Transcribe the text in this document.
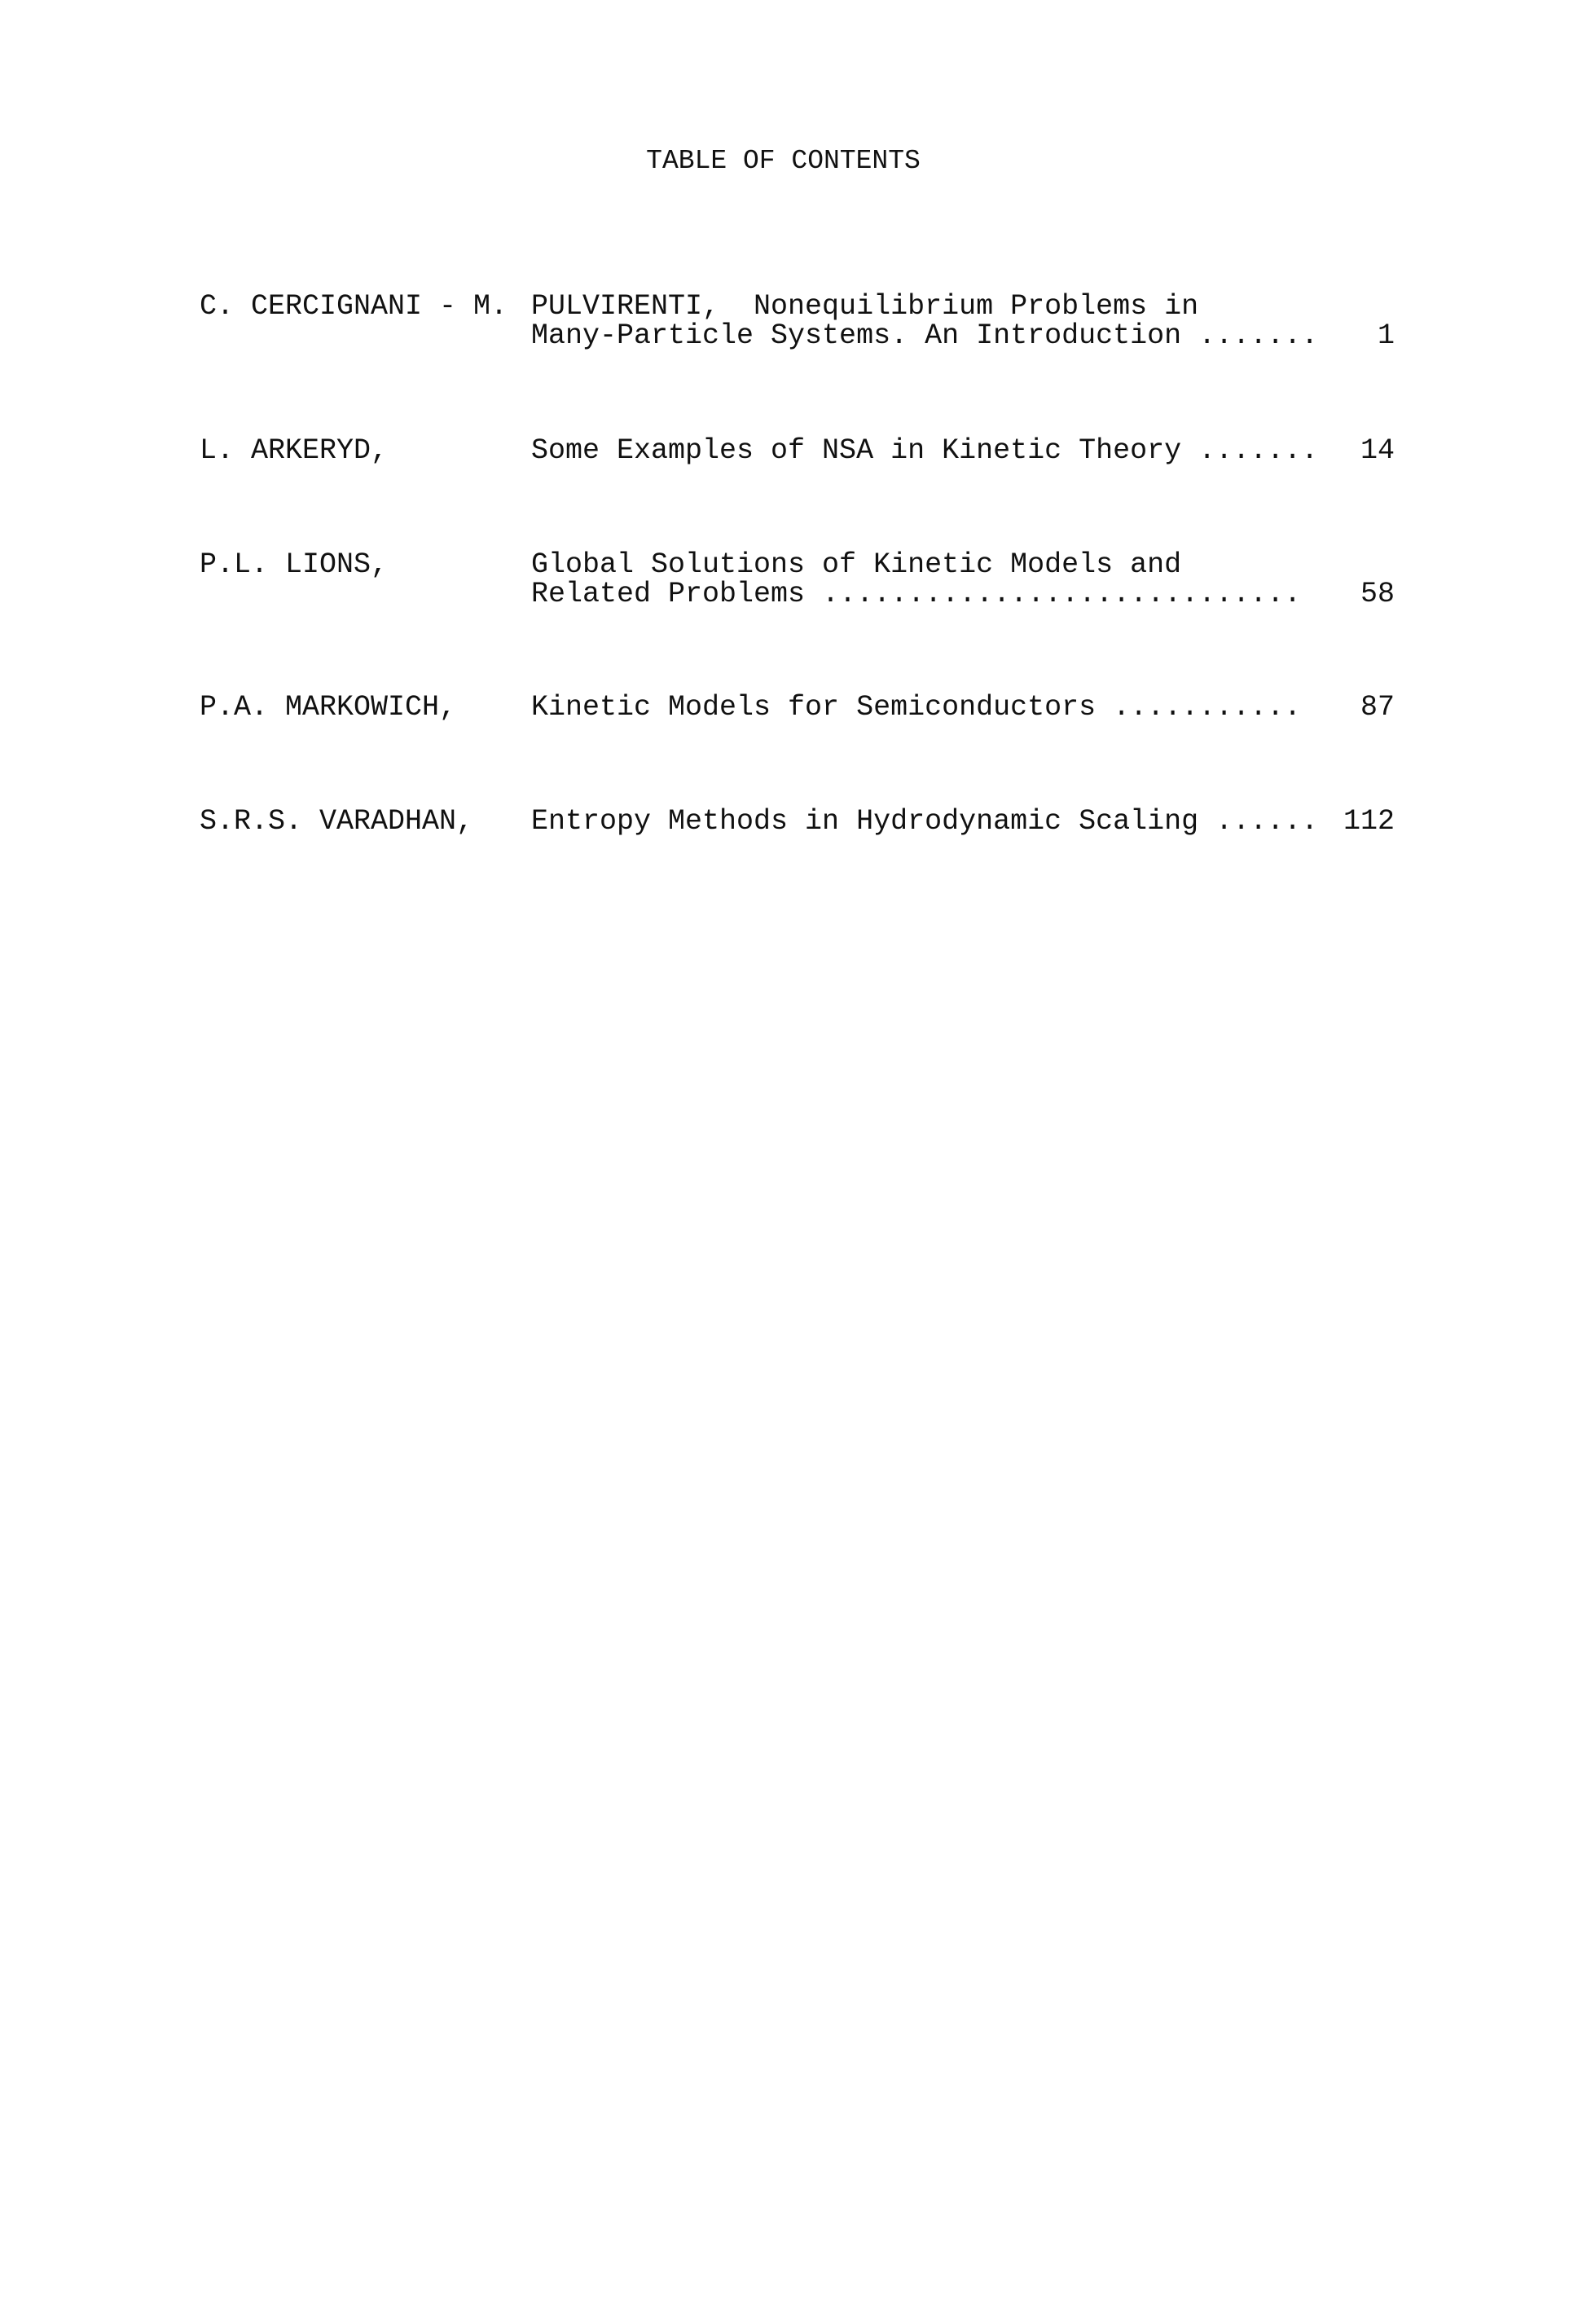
TABLE OF CONTENTS
C. CERCIGNANI - M. PULVIRENTI,  Nonequilibrium Problems in
Many-Particle Systems. An Introduction .......	1
L. ARKERYD,	Some Examples of NSA in Kinetic Theory .......	14
P.L. LIONS,	Global Solutions of Kinetic Models and
Related Problems ............................	58
P.A. MARKOWICH,	Kinetic Models for Semiconductors ...........	87
S.R.S. VARADHAN, Entropy Methods in Hydrodynamic Scaling ...... 112
